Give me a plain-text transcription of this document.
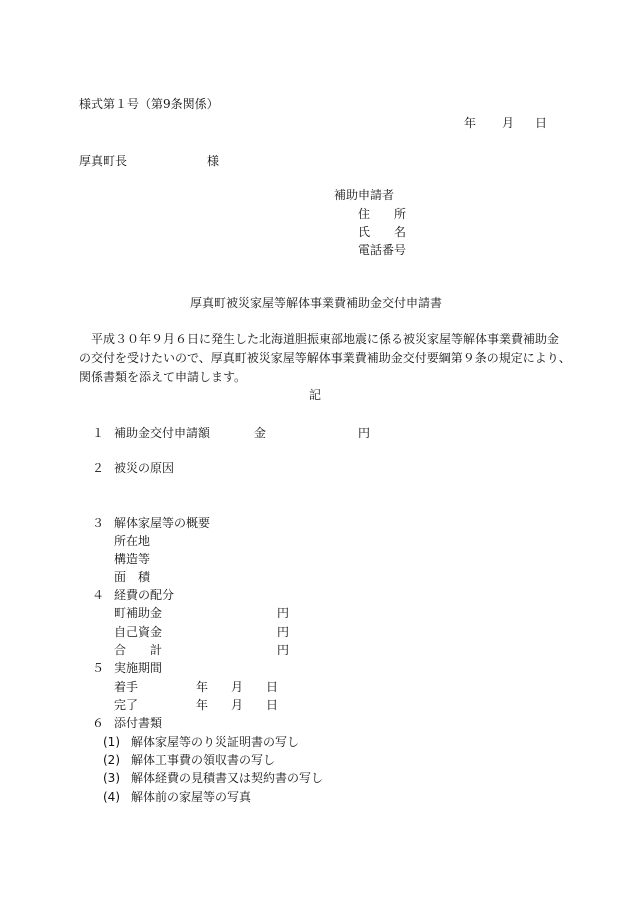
様式第１号（第9条関係）
年 月 日
厚真町長	様
補助申請者
住　　所
氏　　名
電話番号
厚真町被災家屋等解体事業費補助金交付申請書
　平成３０年９月６日に発生した北海道胆振東部地震に係る被災家屋等解体事業費補助金
の交付を受けたいので、厚真町被災家屋等解体事業費補助金交付要綱第９条の規定により、
関係書類を添えて申請します。
記
１ 補助金交付申請額	金	円
２ 被災の原因
３ 解体家屋等の概要
所在地
構造等
面　積
４ 経費の配分
町補助金	円
自己資金	円
合　　計	円
５ 実施期間
着手	年 月 日
完了	年 月 日
６ 添付書類
(1) 解体家屋等のり災証明書の写し
(2) 解体工事費の領収書の写し
(3) 解体経費の見積書又は契約書の写し
(4) 解体前の家屋等の写真
